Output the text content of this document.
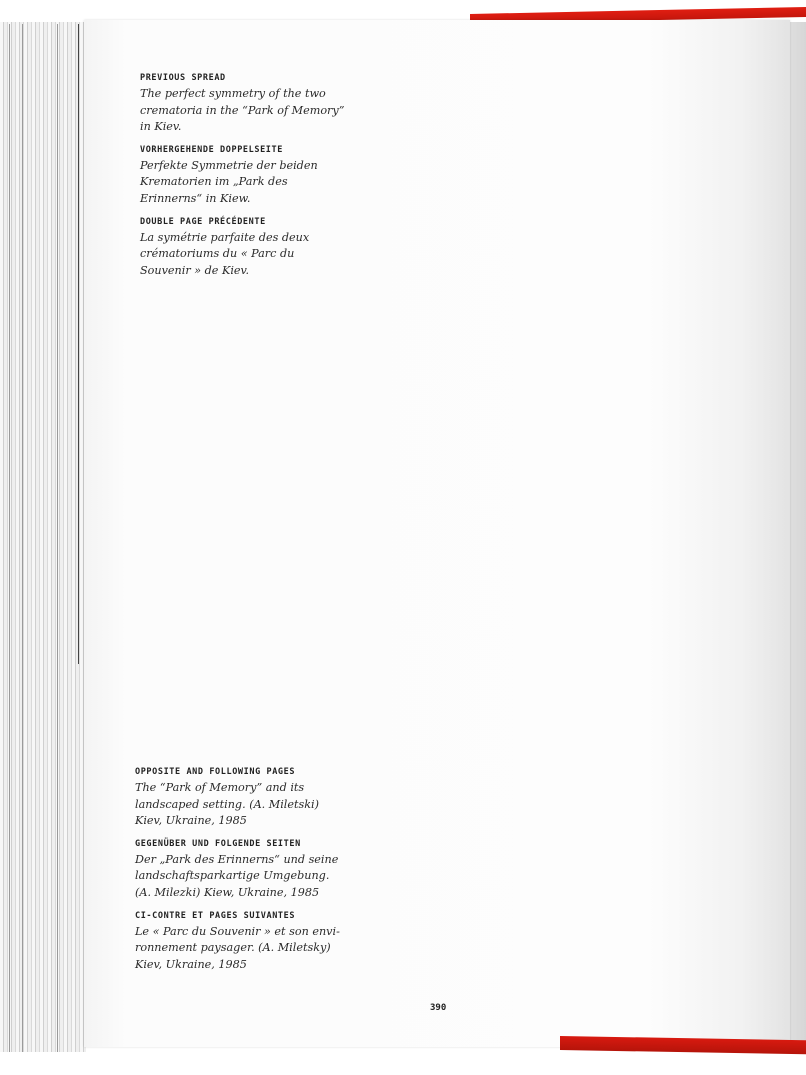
PREVIOUS SPREAD
The perfect symmetry of the two
crematoria in the “Park of Memory”
in Kiev.
VORHERGEHENDE DOPPELSEITE
Perfekte Symmetrie der beiden
Krematorien im „Park des
Erinnerns“ in Kiew.
DOUBLE PAGE PRÉCÉDENTE
La symétrie parfaite des deux
crématoriums du « Parc du
Souvenir » de Kiev.
OPPOSITE AND FOLLOWING PAGES
The “Park of Memory” and its
landscaped setting. (A. Miletski)
Kiev, Ukraine, 1985
GEGENÜBER UND FOLGENDE SEITEN
Der „Park des Erinnerns“ und seine
landschaftsparkartige Umgebung.
(A. Milezki) Kiew, Ukraine, 1985
CI-CONTRE ET PAGES SUIVANTES
Le « Parc du Souvenir » et son envi-
ronnement paysager. (A. Miletsky)
Kiev, Ukraine, 1985
390
